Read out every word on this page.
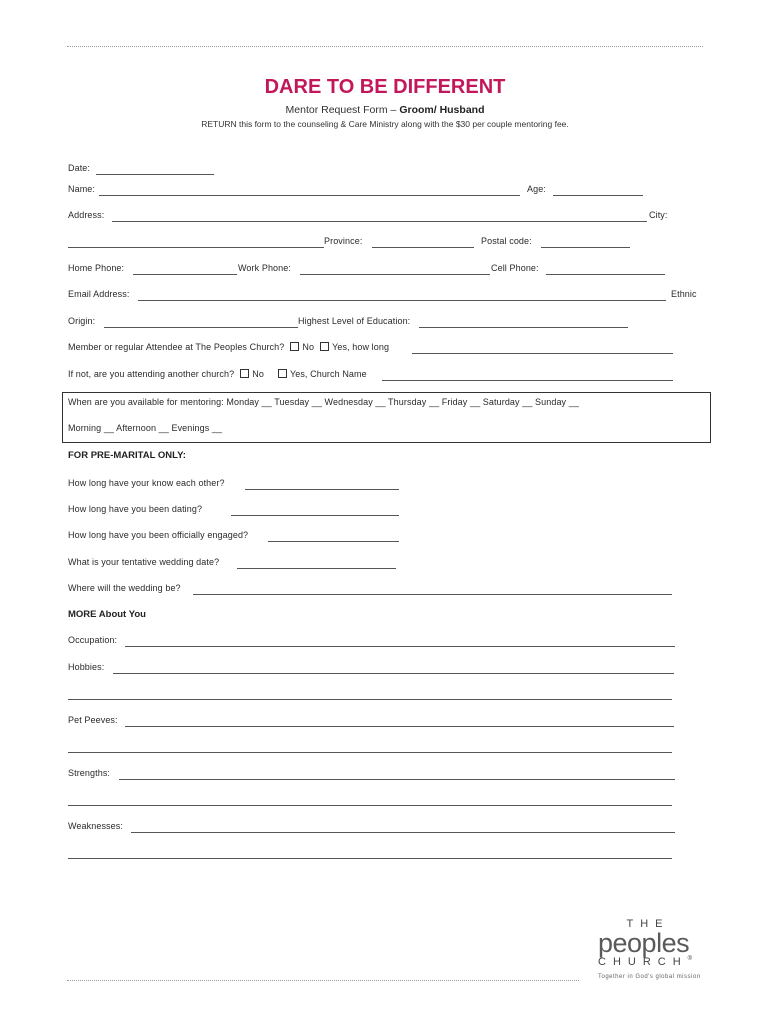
DARE TO BE DIFFERENT
Mentor Request Form – Groom/ Husband
RETURN this form to the counseling & Care Ministry along with the $30 per couple mentoring fee.
Date:
Name:	Age:
Address:	City:
Province:	Postal code:
Home Phone:	Work Phone:	Cell Phone:
Email Address:	Ethnic
Origin:	Highest Level of Education:
Member or regular Attendee at The Peoples Church? No Yes, how long
If not, are you attending another church? No	Yes, Church Name
When are you available for mentoring: Monday __ Tuesday __ Wednesday __ Thursday __ Friday __ Saturday __ Sunday __
Morning __ Afternoon __ Evenings __
FOR PRE-MARITAL ONLY:
How long have your know each other?
How long have you been dating?
How long have you been officially engaged?
What is your tentative wedding date?
Where will the wedding be?
MORE About You
Occupation:
Hobbies:
Pet Peeves:
Strengths:
Weaknesses:
THE
peoples
CHURCH®
Together in God's global mission
